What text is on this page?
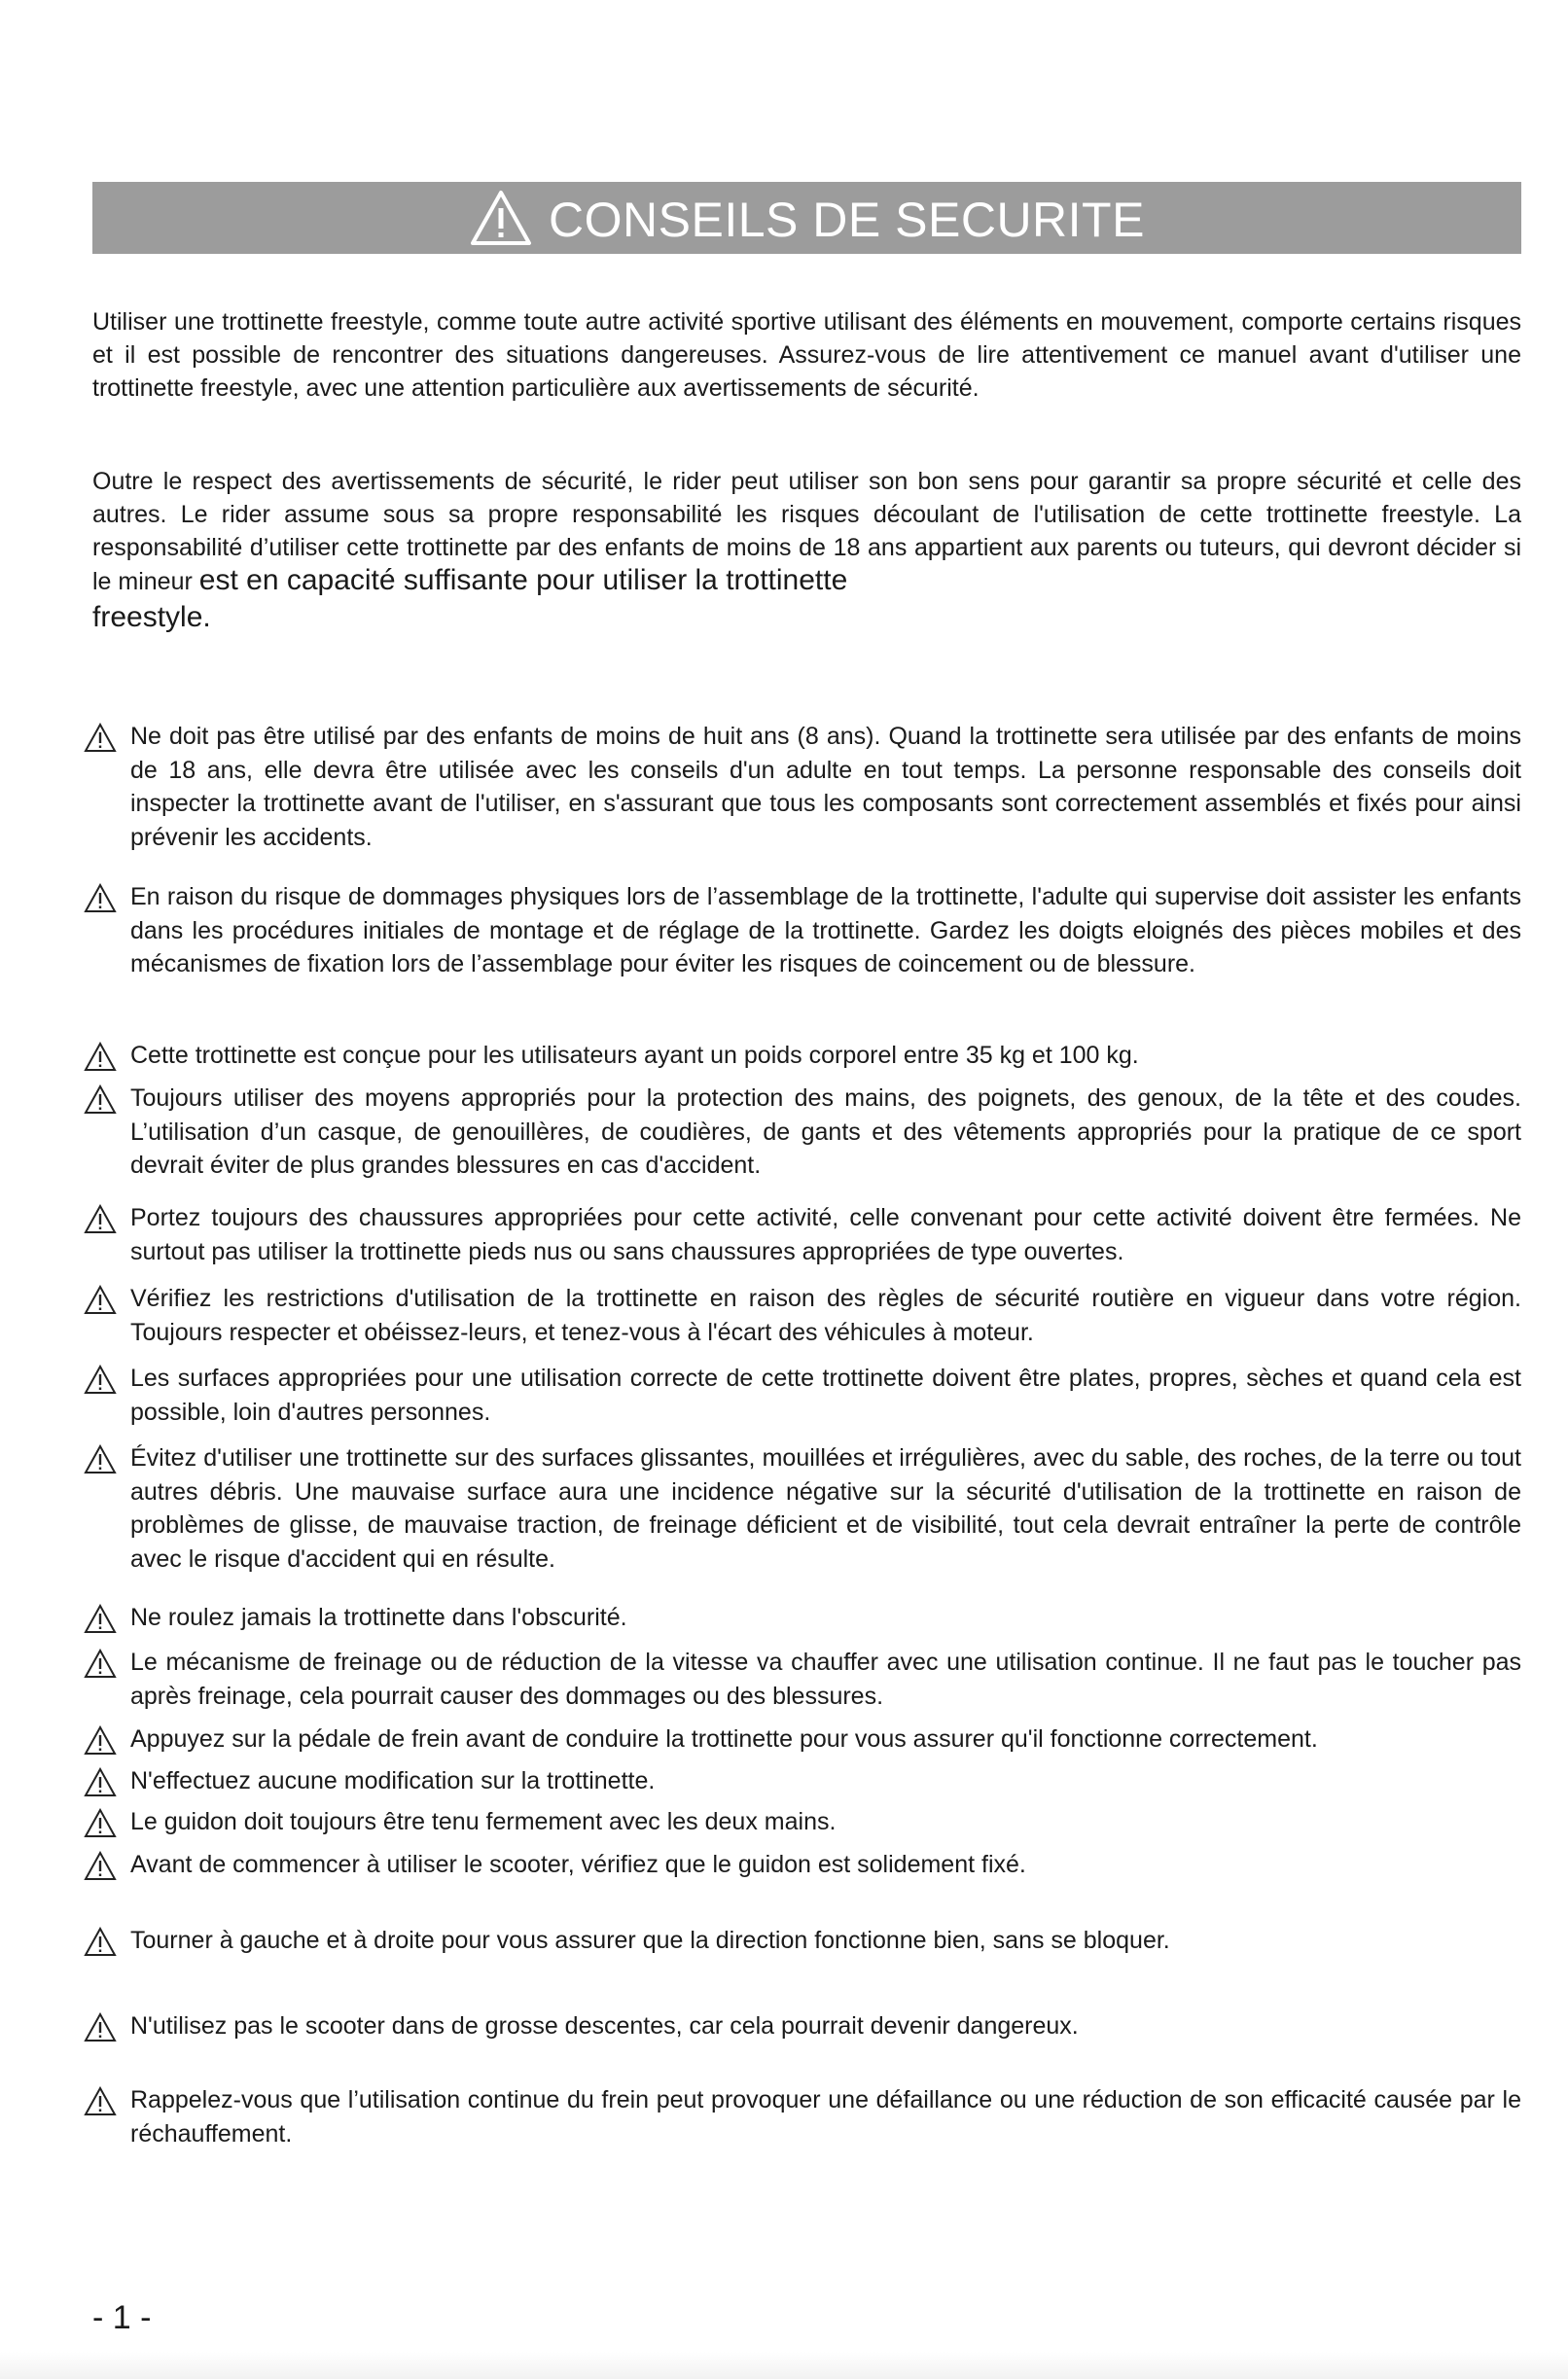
CONSEILS DE SECURITE

Utiliser une trottinette freestyle, comme toute autre activité sportive utilisant des éléments en mouvement, comporte certains risques et il est possible de rencontrer des situations dangereuses. Assurez-vous de lire attentivement ce manuel avant d'utiliser une trottinette freestyle, avec une attention particulière aux avertissements de sécurité.

Outre le respect des avertissements de sécurité, le rider peut utiliser son bon sens pour garantir sa propre sécurité et celle des autres. Le rider assume sous sa propre responsabilité les risques découlant de l'utilisation de cette trottinette freestyle. La responsabilité d’utiliser cette trottinette par des enfants de moins de 18 ans appartient aux parents ou tuteurs, qui devront décider si le mineur est en capacité suffisante pour utiliser la trottinette
freestyle.

Ne doit pas être utilisé par des enfants de moins de huit ans (8 ans). Quand la trottinette sera utilisée par des enfants de moins de 18 ans, elle devra être utilisée avec les conseils d'un adulte en tout temps. La personne responsable des conseils doit inspecter la trottinette avant de l'utiliser, en s'assurant que tous les composants sont correctement assemblés et fixés pour ainsi prévenir les accidents.

En raison du risque de dommages physiques lors de l’assemblage de la trottinette, l'adulte qui supervise doit assister les enfants dans les procédures initiales de montage et de réglage de la trottinette. Gardez les doigts eloignés des pièces mobiles et des mécanismes de fixation lors de l’assemblage pour éviter les risques de coincement ou de blessure.

Cette trottinette est conçue pour les utilisateurs ayant un poids corporel entre 35 kg et 100 kg.

Toujours utiliser des moyens appropriés pour la protection des mains, des poignets, des genoux, de la tête et des coudes. L’utilisation d’un casque, de genouillères, de coudières, de gants et des vêtements appropriés pour la pratique de ce sport devrait éviter de plus grandes blessures en cas d'accident.

Portez toujours des chaussures appropriées pour cette activité, celle convenant pour cette activité doivent être fermées. Ne surtout pas utiliser la trottinette pieds nus ou sans chaussures appropriées de type ouvertes.

Vérifiez les restrictions d'utilisation de la trottinette en raison des règles de sécurité routière en vigueur dans votre région. Toujours respecter et obéissez-leurs, et tenez-vous à l'écart des véhicules à moteur.

Les surfaces appropriées pour une utilisation correcte de cette trottinette doivent être plates, propres, sèches et quand cela est possible, loin d'autres personnes.

Évitez d'utiliser une trottinette sur des surfaces glissantes, mouillées et irrégulières, avec du sable, des roches, de la terre ou tout autres débris. Une mauvaise surface aura une incidence négative sur la sécurité d'utilisation de la trottinette en raison de problèmes de glisse, de mauvaise traction, de freinage déficient et de visibilité, tout cela devrait entraîner la perte de contrôle avec le risque d'accident qui en résulte.

Ne roulez jamais la trottinette dans l'obscurité.

Le mécanisme de freinage ou de réduction de la vitesse va chauffer avec une utilisation continue. Il ne faut pas le toucher pas après freinage, cela pourrait causer des dommages ou des blessures.

Appuyez sur la pédale de frein avant de conduire la trottinette pour vous assurer qu'il fonctionne correctement.

N'effectuez aucune modification sur la trottinette.

Le guidon doit toujours être tenu fermement avec les deux mains.

Avant de commencer à utiliser le scooter, vérifiez que le guidon est solidement fixé.

Tourner à gauche et à droite pour vous assurer que la direction fonctionne bien, sans se bloquer.

N'utilisez pas le scooter dans de grosse descentes, car cela pourrait devenir dangereux.

Rappelez-vous que l’utilisation continue du frein peut provoquer une défaillance ou une réduction de son efficacité causée par le réchauffement.

- 1 -
